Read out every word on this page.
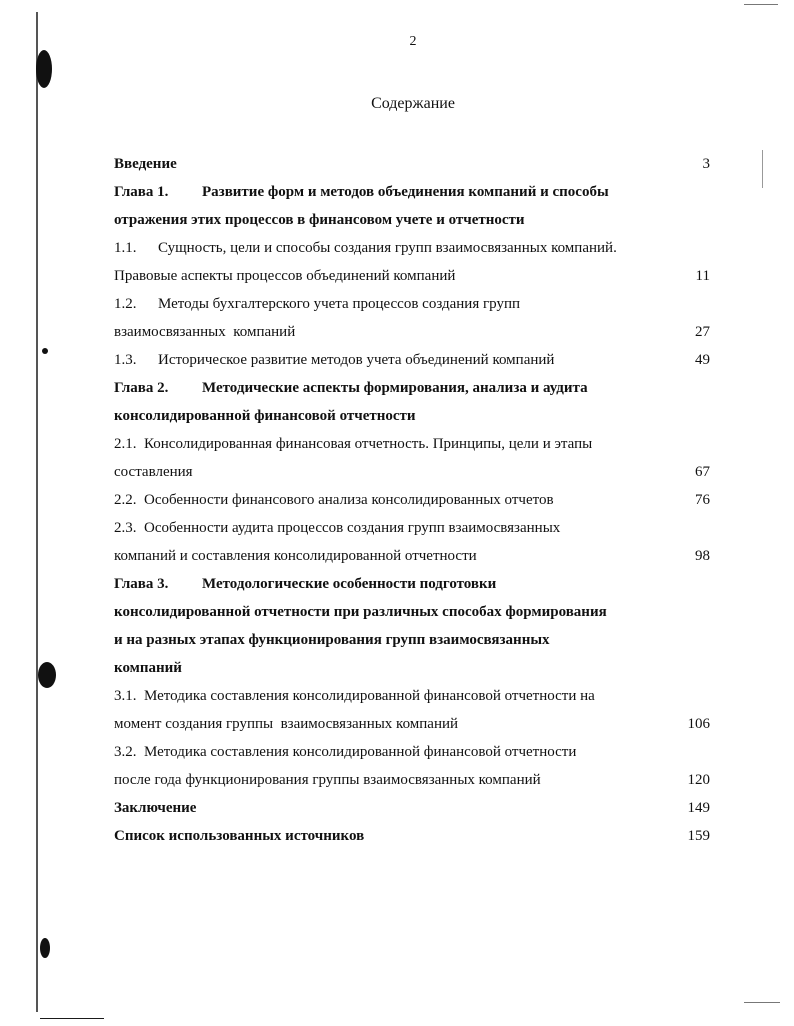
2
Содержание
Введение	3
Глава 1. Развитие форм и методов объединения компаний и способы
отражения этих процессов в финансовом учете и отчетности
1.1. Сущность, цели и способы создания групп взаимосвязанных компаний.
Правовые аспекты процессов объединений компаний	11
1.2. Методы бухгалтерского учета процессов создания групп
взаимосвязанных  компаний	27
1.3. Историческое развитие методов учета объединений компаний	49
Глава 2. Методические аспекты формирования, анализа и аудита
консолидированной финансовой отчетности
2.1. Консолидированная финансовая отчетность. Принципы, цели и этапы
составления	67
2.2. Особенности финансового анализа консолидированных отчетов	76
2.3. Особенности аудита процессов создания групп взаимосвязанных
компаний и составления консолидированной отчетности	98
Глава 3. Методологические особенности подготовки
консолидированной отчетности при различных способах формирования
и на разных этапах функционирования групп взаимосвязанных
компаний
3.1. Методика составления консолидированной финансовой отчетности на
момент создания группы  взаимосвязанных компаний	106
3.2. Методика составления консолидированной финансовой отчетности
после года функционирования группы взаимосвязанных компаний	120
Заключение	149
Список использованных источников	159
